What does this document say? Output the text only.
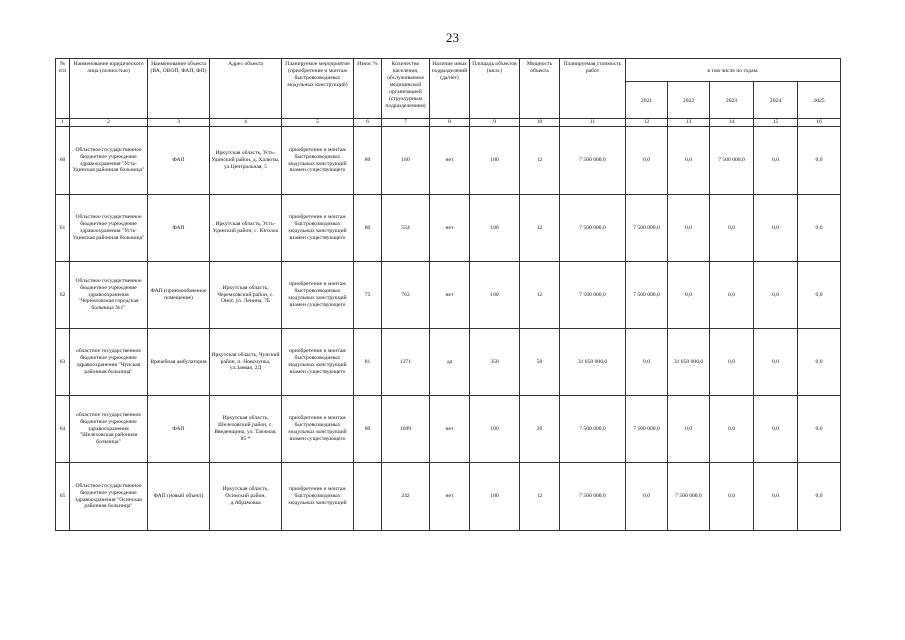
23
№ п/п	Наименование юридического лица (полностью)	Наименование объекта (ВА, ОВОП, ФАП, ФП)	Адрес объекта	Планируемое мероприятие (приобретение и монтаж быстровозводимых модульных конструкций)	Износ %	Количество населения, обслуживаемое медицинской организацией (структурным подразделением)	Наличие иных подразделений (да/нет)	Площадь объектов (кв.м.)	Мощность объекта	Планируемая стоимость работ	в том числе по годам:				
											2021	2022	2023	2024	2025
1	2	3	4	5	6	7	8	9	10	11	12	13	14	15	16
60	Областное государственное бюджетное учреждение здравоохранения "Усть-Удинская районная больница"	ФАП	Иркутская область, Усть-Удинский район, д. Халюты, ул.Центральная, 5	приобретение и монтаж быстровозводимых модульных конструкций взамен существующего	80	160	нет	100	12	7 500 000,0	0,0	0,0	7 500 000,0	0,0	0,0
61	Областное государственное бюджетное учреждение здравоохранения "Усть-Удинская районная больница"	ФАП	Иркутская область, Усть-Удинский район, с. Юголок	приобретение и монтаж быстровозводимых модульных конструкций взамен существующего	80	554	нет	100	12	7 500 000,0	7 500 000,0	0,0	0,0	0,0	0,0
62	Областное государственное бюджетное учреждение здравоохранения "Черемховская городская больница №1"	ФАП (приемообменное помещение)	Иркутская область, Черемховский район, с. Онот, ул. Ленина, 7Б	приобретение и монтаж быстровозводимых модульных конструкций взамен существующего	75	763	нет	100	12	7 500 000,0	7 500 000,0	0,0	0,0	0,0	0,0
63	областное государственное бюджетное учреждение здравоохранения "Чунская районная больница"	Врачебная амбулатория	Иркутская область, Чунский район, п. Новочунка, ул.Заевая, 2Д	приобретение и монтаж быстровозводимых модульных конструкций взамен существующего	81	1371	да	350	50	31 050 000,0	0,0	31 050 000,0	0,0	0,0	0,0
64	областное государственное бюджетное учреждение здравоохранения "Шелеховская районная больница"	ФАП	Иркутская область, Шелеховский район, с. Введенщина, ул. Таежная, 85 *	приобретение и монтаж быстровозводимых модульных конструкций взамен существующего	80	1699	нет	100	20	7 500 000,0	7 500 000,0	0,0	0,0	0,0	0,0
65	Областное государственное бюджетное учреждение здравоохранения "Осинская районная больница"	ФАП (новый объект)	Иркутская область, Осинский район, д.Абрамовка	приобретение и монтаж быстровозводимых модульных конструкций		242	нет	100	12	7 500 000,0	0,0	7 500 000,0	0,0	0,0	0,0
